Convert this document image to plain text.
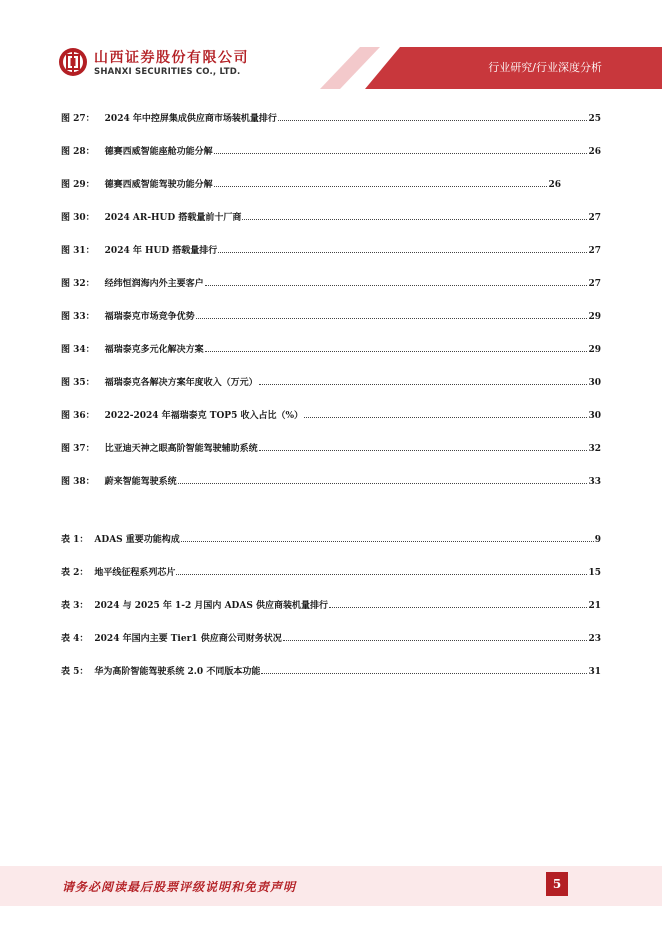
山西证券股份有限公司
SHANXI SECURITIES CO., LTD.	行业研究/行业深度分析
图 27： 2024 年中控屏集成供应商市场装机量排行	25
图 28： 德赛西威智能座舱功能分解	26
图 29： 德赛西威智能驾驶功能分解	26
图 30： 2024 AR-HUD 搭载量前十厂商	27
图 31： 2024 年 HUD 搭载量排行	27
图 32： 经纬恒润海内外主要客户	27
图 33： 福瑞泰克市场竞争优势	29
图 34： 福瑞泰克多元化解决方案	29
图 35： 福瑞泰克各解决方案年度收入（万元）	30
图 36： 2022-2024 年福瑞泰克 TOP5 收入占比（%）	30
图 37： 比亚迪天神之眼高阶智能驾驶辅助系统	32
图 38： 蔚来智能驾驶系统	33
表 1： ADAS 重要功能构成	9
表 2： 地平线征程系列芯片	15
表 3： 2024 与 2025 年 1-2 月国内 ADAS 供应商装机量排行	21
表 4： 2024 年国内主要 Tier1 供应商公司财务状况	23
表 5： 华为高阶智能驾驶系统 2.0 不同版本功能	31
请务必阅读最后股票评级说明和免责声明	5
